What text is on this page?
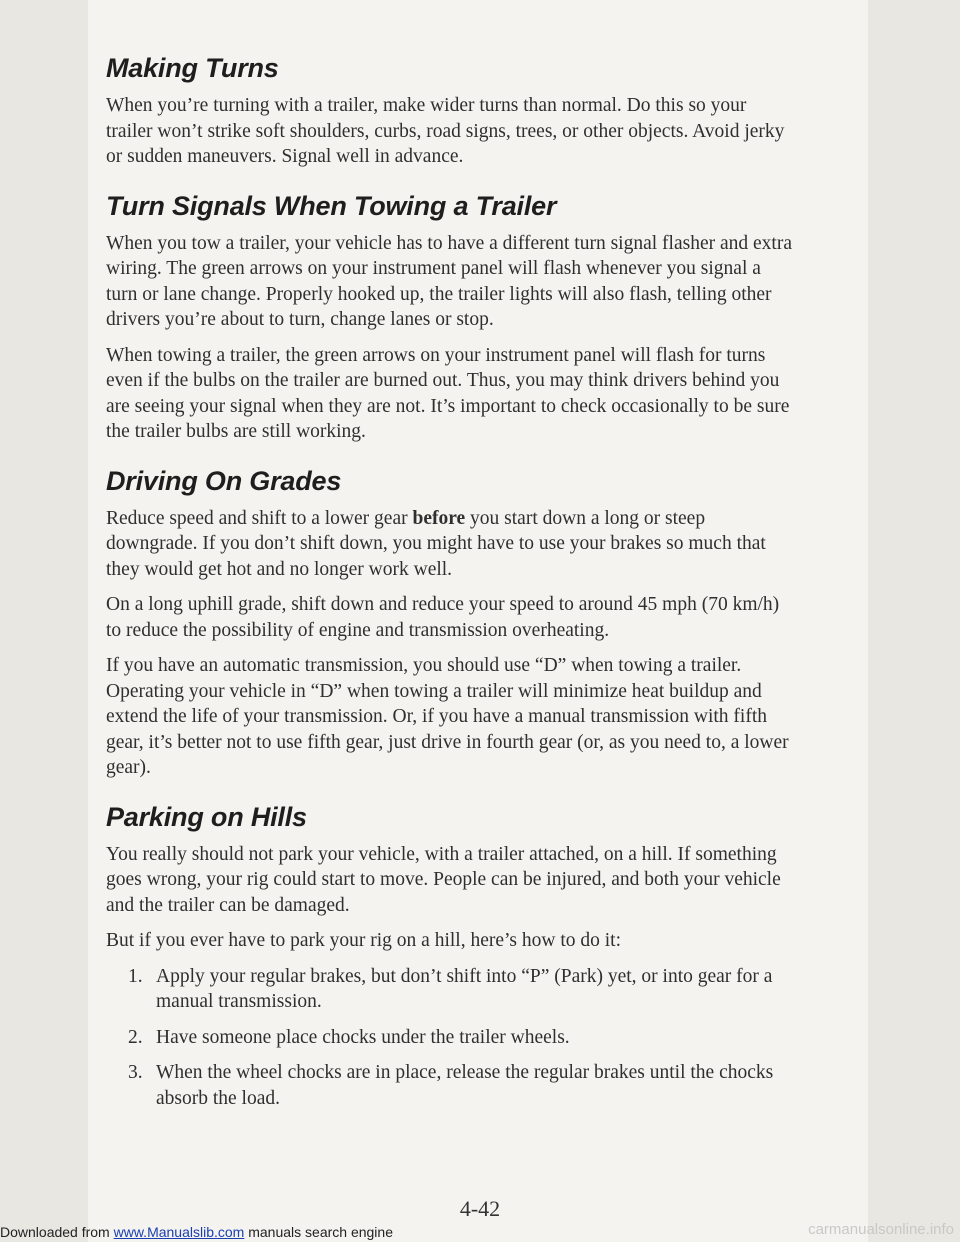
Making Turns

When you’re turning with a trailer, make wider turns than normal. Do this so your trailer won’t strike soft shoulders, curbs, road signs, trees, or other objects. Avoid jerky or sudden maneuvers. Signal well in advance.

Turn Signals When Towing a Trailer

When you tow a trailer, your vehicle has to have a different turn signal flasher and extra wiring. The green arrows on your instrument panel will flash whenever you signal a turn or lane change. Properly hooked up, the trailer lights will also flash, telling other drivers you’re about to turn, change lanes or stop.

When towing a trailer, the green arrows on your instrument panel will flash for turns even if the bulbs on the trailer are burned out. Thus, you may think drivers behind you are seeing your signal when they are not. It’s important to check occasionally to be sure the trailer bulbs are still working.

Driving On Grades

Reduce speed and shift to a lower gear before you start down a long or steep downgrade. If you don’t shift down, you might have to use your brakes so much that they would get hot and no longer work well.

On a long uphill grade, shift down and reduce your speed to around 45 mph (70 km/h) to reduce the possibility of engine and transmission overheating.

If you have an automatic transmission, you should use “D” when towing a trailer. Operating your vehicle in “D” when towing a trailer will minimize heat buildup and extend the life of your transmission. Or, if you have a manual transmission with fifth gear, it’s better not to use fifth gear, just drive in fourth gear (or, as you need to, a lower gear).

Parking on Hills

You really should not park your vehicle, with a trailer attached, on a hill. If something goes wrong, your rig could start to move. People can be injured, and both your vehicle and the trailer can be damaged.

But if you ever have to park your rig on a hill, here’s how to do it:

1. Apply your regular brakes, but don’t shift into “P” (Park) yet, or into gear for a manual transmission.
2. Have someone place chocks under the trailer wheels.
3. When the wheel chocks are in place, release the regular brakes until the chocks absorb the load.
4-42
Downloaded from www.Manualslib.com manuals search engine	carmanualsonline.info
